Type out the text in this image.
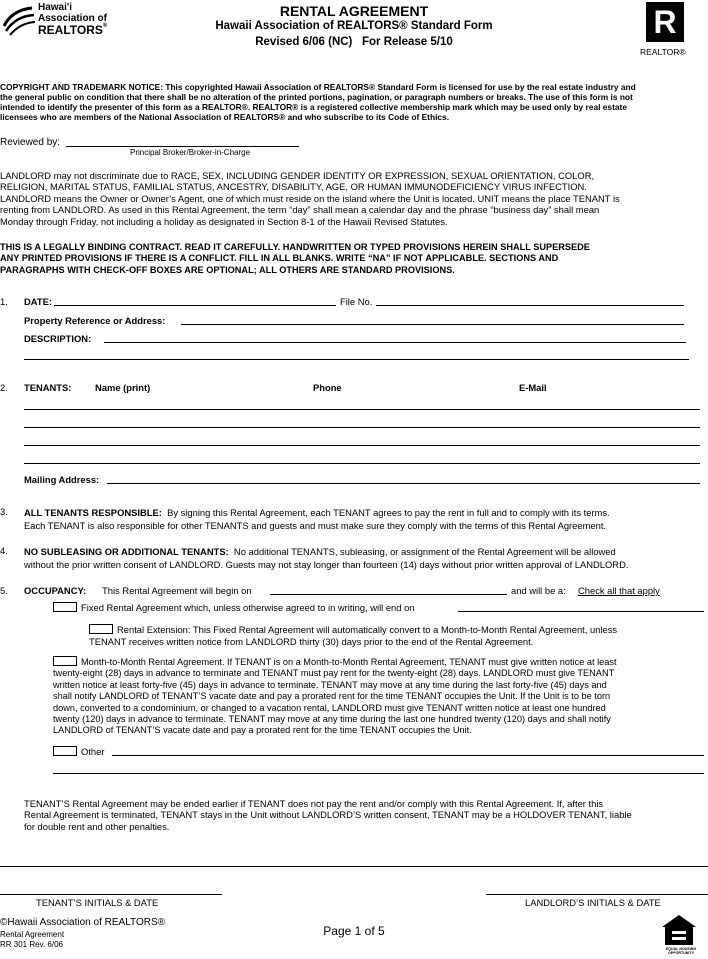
Hawai'i
Association of
REALTORS®
RENTAL AGREEMENT
Hawaii Association of REALTORS® Standard Form
Revised 6/06 (NC)   For Release 5/10
R
REALTOR®
COPYRIGHT AND TRADEMARK NOTICE: This copyrighted Hawaii Association of REALTORS® Standard Form is licensed for use by the real estate industry and
the general public on condition that there shall be no alteration of the printed portions, pagination, or paragraph numbers or breaks. The use of this form is not
intended to identify the presenter of this form as a REALTOR®. REALTOR® is a registered collective membership mark which may be used only by real estate
licensees who are members of the National Association of REALTORS® and who subscribe to its Code of Ethics.
Reviewed by:
Principal Broker/Broker-in-Charge
LANDLORD may not discriminate due to RACE, SEX, INCLUDING GENDER IDENTITY OR EXPRESSION, SEXUAL ORIENTATION, COLOR,
RELIGION, MARITAL STATUS, FAMILIAL STATUS, ANCESTRY, DISABILITY, AGE, OR HUMAN IMMUNODEFICIENCY VIRUS INFECTION.
LANDLORD means the Owner or Owner’s Agent, one of which must reside on the island where the Unit is located. UNIT means the place TENANT is
renting from LANDLORD. As used in this Rental Agreement, the term “day” shall mean a calendar day and the phrase “business day” shall mean
Monday through Friday, not including a holiday as designated in Section 8-1 of the Hawaii Revised Statutes.
THIS IS A LEGALLY BINDING CONTRACT. READ IT CAREFULLY. HANDWRITTEN OR TYPED PROVISIONS HEREIN SHALL SUPERSEDE
ANY PRINTED PROVISIONS IF THERE IS A CONFLICT. FILL IN ALL BLANKS. WRITE “NA” IF NOT APPLICABLE. SECTIONS AND
PARAGRAPHS WITH CHECK-OFF BOXES ARE OPTIONAL; ALL OTHERS ARE STANDARD PROVISIONS.
1. DATE:	File No.
Property Reference or Address:
DESCRIPTION:
2. TENANTS:	Name (print)	Phone	E-Mail
Mailing Address:
3. ALL TENANTS RESPONSIBLE: By signing this Rental Agreement, each TENANT agrees to pay the rent in full and to comply with its terms.
Each TENANT is also responsible for other TENANTS and guests and must make sure they comply with the terms of this Rental Agreement.
4. NO SUBLEASING OR ADDITIONAL TENANTS: No additional TENANTS, subleasing, or assignment of the Rental Agreement will be allowed
without the prior written consent of LANDLORD. Guests may not stay longer than fourteen (14) days without prior written approval of LANDLORD.
5. OCCUPANCY: This Rental Agreement will begin on	and will be a: Check all that apply
Fixed Rental Agreement which, unless otherwise agreed to in writing, will end on
Rental Extension: This Fixed Rental Agreement will automatically convert to a Month-to-Month Rental Agreement, unless
TENANT receives written notice from LANDLORD thirty (30) days prior to the end of the Rental Agreement.
Month-to-Month Rental Agreement. If TENANT is on a Month-to-Month Rental Agreement, TENANT must give written notice at least
twenty-eight (28) days in advance to terminate and TENANT must pay rent for the twenty-eight (28) days. LANDLORD must give TENANT
written notice at least forty-five (45) days in advance to terminate. TENANT may move at any time during the last forty-five (45) days and
shall notify LANDLORD of TENANT’S vacate date and pay a prorated rent for the time TENANT occupies the Unit. If the Unit is to be torn
down, converted to a condominium, or changed to a vacation rental, LANDLORD must give TENANT written notice at least one hundred
twenty (120) days in advance to terminate. TENANT may move at any time during the last one hundred twenty (120) days and shall notify
LANDLORD of TENANT’S vacate date and pay a prorated rent for the time TENANT occupies the Unit.
Other
TENANT’S Rental Agreement may be ended earlier if TENANT does not pay the rent and/or comply with this Rental Agreement. If, after this
Rental Agreement is terminated, TENANT stays in the Unit without LANDLORD’S written consent, TENANT may be a HOLDOVER TENANT, liable
for double rent and other penalties.
TENANT’S INITIALS & DATE	LANDLORD’S INITIALS & DATE
©Hawaii Association of REALTORS®
Rental Agreement
RR 301 Rev. 6/06
Page 1 of 5
EQUAL HOUSING OPPORTUNITY
